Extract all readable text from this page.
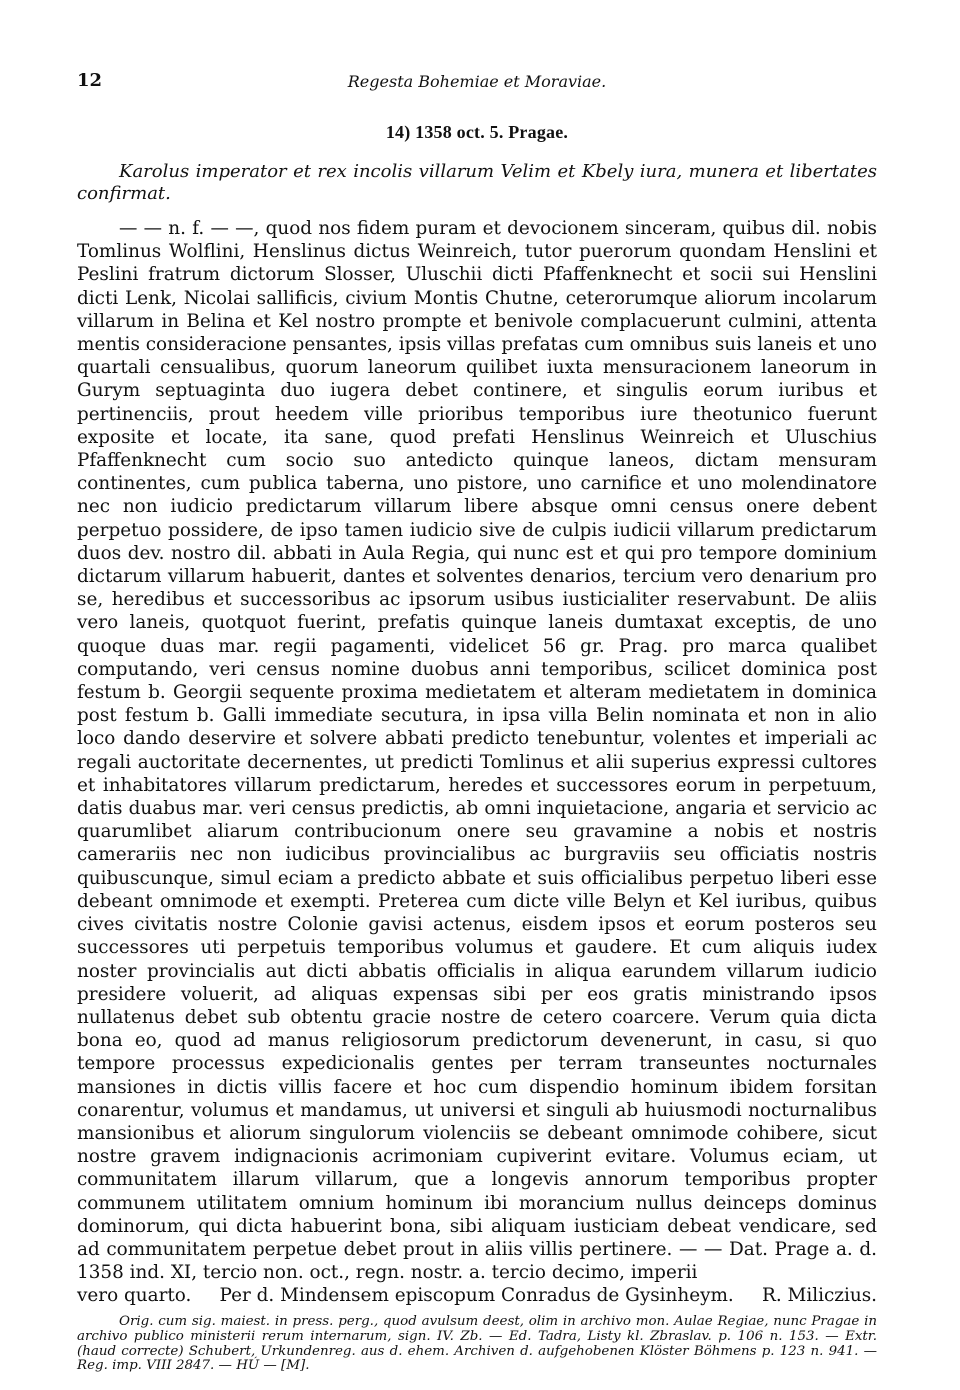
12	Regesta Bohemiae et Moraviae.
14) 1358 oct. 5. Pragae.
Karolus imperator et rex incolis villarum Velim et Kbely iura, munera et libertates confirmat.
— — n. f. — —, quod nos fidem puram et devocionem sinceram, quibus dil. nobis Tomlinus Wolflini, Henslinus dictus Weinreich, tutor puerorum quondam Henslini et Peslini fratrum dictorum Slosser, Uluschii dicti Pfaffenknecht et socii sui Henslini dicti Lenk, Nicolai sallificis, civium Montis Chutne, ceterorumque aliorum incolarum villarum in Belina et Kel nostro prompte et benivole complacuerunt culmini, attenta mentis consideracione pensantes, ipsis villas prefatas cum omnibus suis laneis et uno quartali censualibus, quorum laneorum quilibet iuxta mensuracionem laneorum in Gurym septuaginta duo iugera debet continere, et singulis eorum iuribus et pertinenciis, prout heedem ville prioribus temporibus iure theotunico fuerunt exposite et locate, ita sane, quod prefati Henslinus Weinreich et Uluschius Pfaffenknecht cum socio suo antedicto quinque laneos, dictam mensuram continentes, cum publica taberna, uno pistore, uno carnifice et uno molendinatore nec non iudicio predictarum villarum libere absque omni census onere debent perpetuo possidere, de ipso tamen iudicio sive de culpis iudicii villarum predictarum duos dev. nostro dil. abbati in Aula Regia, qui nunc est et qui pro tempore dominium dictarum villarum habuerit, dantes et solventes denarios, tercium vero denarium pro se, heredibus et successoribus ac ipsorum usibus iusticialiter reservabunt. De aliis vero laneis, quotquot fuerint, prefatis quinque laneis dumtaxat exceptis, de uno quoque duas mar. regii pagamenti, videlicet 56 gr. Prag. pro marca qualibet computando, veri census nomine duobus anni temporibus, scilicet dominica post festum b. Georgii sequente proxima medietatem et alteram medietatem in dominica post festum b. Galli immediate secutura, in ipsa villa Belin nominata et non in alio loco dando deservire et solvere abbati predicto tenebuntur, volentes et imperiali ac regali auctoritate decernentes, ut predicti Tomlinus et alii superius expressi cultores et inhabitatores villarum predictarum, heredes et successores eorum in perpetuum, datis duabus mar. veri census predictis, ab omni inquietacione, angaria et servicio ac quarumlibet aliarum contribucionum onere seu gravamine a nobis et nostris camerariis nec non iudicibus provincialibus ac burgraviis seu officiatis nostris quibuscunque, simul eciam a predicto abbate et suis officialibus perpetuo liberi esse debeant omnimode et exempti. Preterea cum dicte ville Belyn et Kel iuribus, quibus cives civitatis nostre Colonie gavisi actenus, eisdem ipsos et eorum posteros seu successores uti perpetuis temporibus volumus et gaudere. Et cum aliquis iudex noster provincialis aut dicti abbatis officialis in aliqua earundem villarum iudicio presidere voluerit, ad aliquas expensas sibi per eos gratis ministrando ipsos nullatenus debet sub obtentu gracie nostre de cetero coarcere. Verum quia dicta bona eo, quod ad manus religiosorum predictorum devenerunt, in casu, si quo tempore processus expedicionalis gentes per terram transeuntes nocturnales mansiones in dictis villis facere et hoc cum dispendio hominum ibidem forsitan conarentur, volumus et mandamus, ut universi et singuli ab huiusmodi nocturnalibus mansionibus et aliorum singulorum violenciis se debeant omnimode cohibere, sicut nostre gravem indignacionis acrimoniam cupiverint evitare. Volumus eciam, ut communitatem illarum villarum, que a longevis annorum temporibus propter communem utilitatem omnium hominum ibi morancium nullus deinceps dominus dominorum, qui dicta habuerint bona, sibi aliquam iusticiam debeat vendicare, sed ad communitatem perpetue debet prout in aliis villis pertinere. — — Dat. Prage a. d. 1358 ind. XI, tercio non. oct., regn. nostr. a. tercio decimo, imperii
vero quarto. Per d. Mindensem episcopum Conradus de Gysinheym. R. Miliczius.
Orig. cum sig. maiest. in press. perg., quod avulsum deest, olim in archivo mon. Aulae Regiae, nunc Pragae in archivo publico ministerii rerum internarum, sign. IV. Zb. — Ed. Tadra, Listy kl. Zbraslav. p. 106 n. 153. — Extr. (haud correcte) Schubert, Urkundenreg. aus d. ehem. Archiven d. aufgehobenen Klöster Böhmens p. 123 n. 941. — Reg. imp. VIII 2847. — HÚ — [M].
